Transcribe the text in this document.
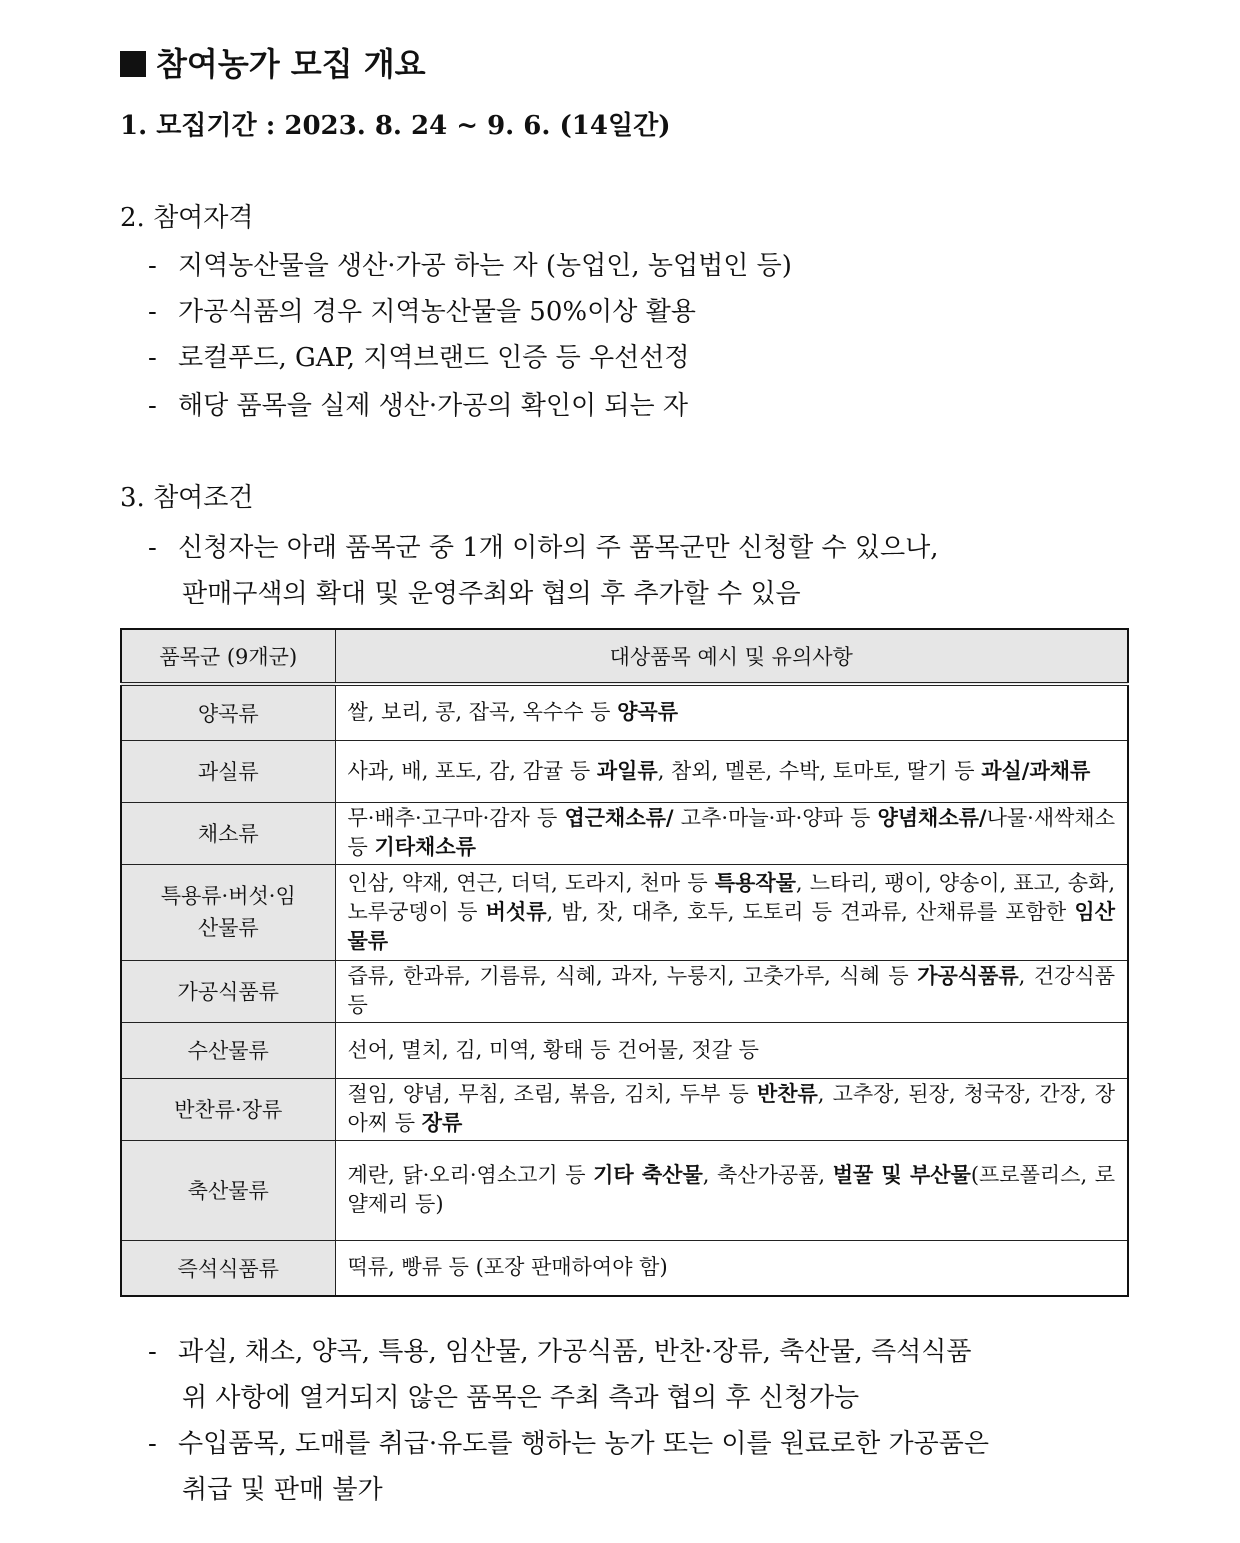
참여농가 모집 개요
1. 모집기간 : 2023. 8. 24 ~ 9. 6. (14일간)
2. 참여자격
- 지역농산물을 생산·가공 하는 자 (농업인, 농업법인 등)
- 가공식품의 경우 지역농산물을 50%이상 활용
- 로컬푸드, GAP, 지역브랜드 인증 등 우선선정
- 해당 품목을 실제 생산·가공의 확인이 되는 자
3. 참여조건
- 신청자는 아래 품목군 중 1개 이하의 주 품목군만 신청할 수 있으나,
판매구색의 확대 및 운영주최와 협의 후 추가할 수 있음
품목군 (9개군)	대상품목 예시 및 유의사항
양곡류	쌀, 보리, 콩, 잡곡, 옥수수 등 양곡류
과실류	사과, 배, 포도, 감, 감귤 등 과일류, 참외, 멜론, 수박, 토마토, 딸기 등 과실/과채류
채소류	무·배추·고구마·감자 등 엽근채소류/ 고추·마늘·파·양파 등 양념채소류/나물·새싹채소 등 기타채소류
특용류·버섯·임산물류	인삼, 약재, 연근, 더덕, 도라지, 천마 등 특용작물, 느타리, 팽이, 양송이, 표고, 송화, 노루궁뎅이 등 버섯류, 밤, 잣, 대추, 호두, 도토리 등 견과류, 산채류를 포함한 임산물류
가공식품류	즙류, 한과류, 기름류, 식혜, 과자, 누룽지, 고춧가루, 식혜 등 가공식품류, 건강식품 등
수산물류	선어, 멸치, 김, 미역, 황태 등 건어물, 젓갈 등
반찬류·장류	절임, 양념, 무침, 조림, 볶음, 김치, 두부 등 반찬류, 고추장, 된장, 청국장, 간장, 장아찌 등 장류
축산물류	계란, 닭·오리·염소고기 등 기타 축산물, 축산가공품, 벌꿀 및 부산물(프로폴리스, 로얄제리 등)
즉석식품류	떡류, 빵류 등 (포장 판매하여야 함)
- 과실, 채소, 양곡, 특용, 임산물, 가공식품, 반찬·장류, 축산물, 즉석식품
위 사항에 열거되지 않은 품목은 주최 측과 협의 후 신청가능
- 수입품목, 도매를 취급·유도를 행하는 농가 또는 이를 원료로한 가공품은
취급 및 판매 불가
